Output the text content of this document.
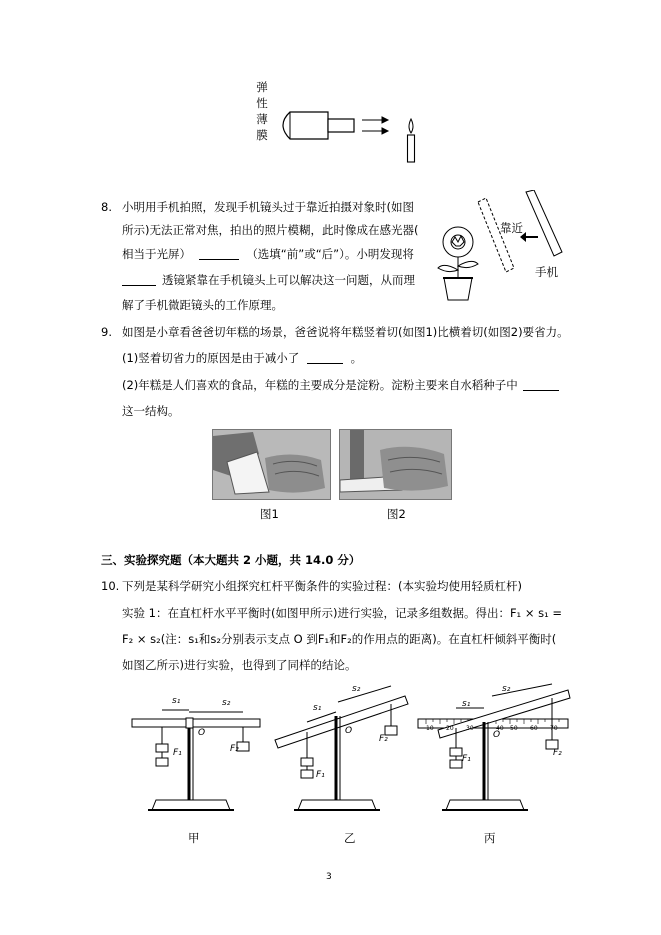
弹
性
薄
膜
8. 小明用手机拍照，发现手机镜头过于靠近拍摄对象时(如图
所示)无法正常对焦，拍出的照片模糊，此时像成在感光器(
相当于光屏）	（选填“前”或“后”）。小明发现将
透镜紧靠在手机镜头上可以解决这一问题，从而理
解了手机微距镜头的工作原理。
靠近
手机
9. 如图是小章看爸爸切年糕的场景，爸爸说将年糕竖着切(如图1)比横着切(如图2)要省力。
(1)竖着切省力的原因是由于减小了	。
(2)年糕是人们喜欢的食品，年糕的主要成分是淀粉。淀粉主要来自水稻种子中
这一结构。
图1	图2
三、实验探究题（本大题共 2 小题，共 14.0 分）
10. 下列是某科学研究小组探究杠杆平衡条件的实验过程：(本实验均使用轻质杠杆)
实验 1：在直杠杆水平平衡时(如图甲所示)进行实验，记录多组数据。得出：F₁ × s₁ =
F₂ × s₂(注：s₁和s₂分别表示支点 O 到F₁和F₂的作用点的距离)。在直杠杆倾斜平衡时(
如图乙所示)进行实验，也得到了同样的结论。
s₁	s₂
O
F₁	F₂
s₁
s₂
O
F₁
F₂
s₁
s₂
O
F₁
F₂
10 20 30	40 50 60 70
甲	乙	丙
3
